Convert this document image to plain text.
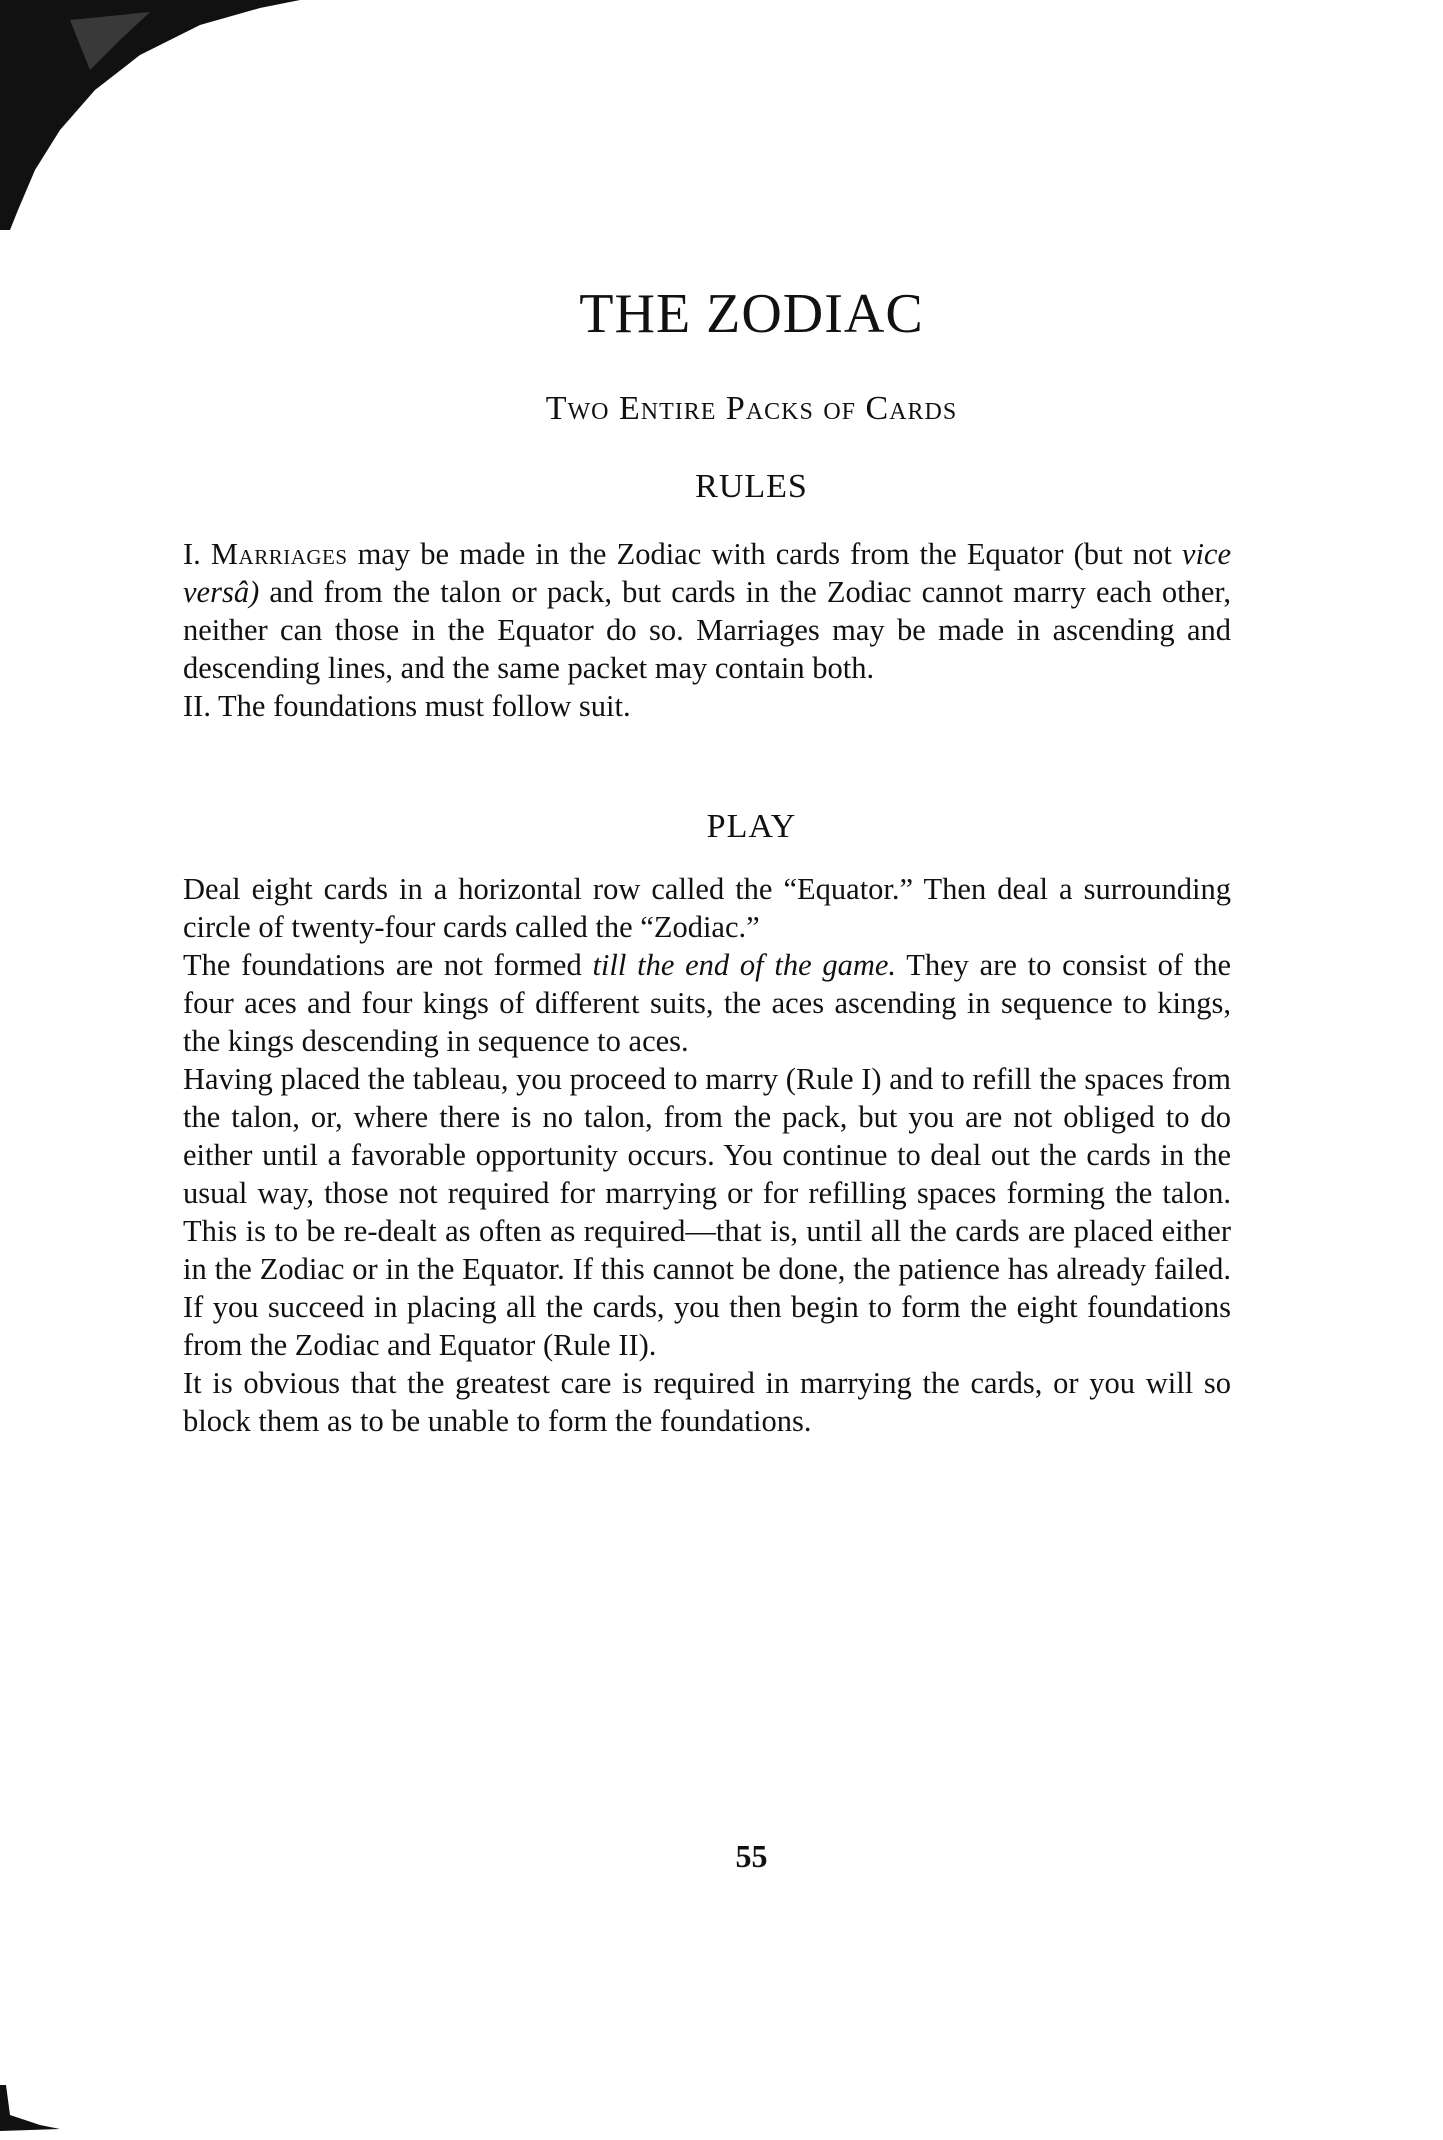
THE ZODIAC
Two Entire Packs of Cards
RULES

I. Marriages may be made in the Zodiac with cards from the Equator (but not vice versâ) and from the talon or pack, but cards in the Zodiac cannot marry each other, neither can those in the Equator do so. Marriages may be made in ascending and descending lines, and the same packet may contain both.

II. The foundations must follow suit.

PLAY

Deal eight cards in a horizontal row called the “Equator.” Then deal a surrounding circle of twenty-four cards called the “Zodiac.”

The foundations are not formed till the end of the game. They are to consist of the four aces and four kings of different suits, the aces ascending in sequence to kings, the kings descending in sequence to aces.

Having placed the tableau, you proceed to marry (Rule I) and to refill the spaces from the talon, or, where there is no talon, from the pack, but you are not obliged to do either until a favorable opportunity occurs. You continue to deal out the cards in the usual way, those not required for marrying or for refilling spaces forming the talon. This is to be re-dealt as often as required—that is, until all the cards are placed either in the Zodiac or in the Equator. If this cannot be done, the patience has already failed. If you succeed in placing all the cards, you then begin to form the eight foundations from the Zodiac and Equator (Rule II).

It is obvious that the greatest care is required in marrying the cards, or you will so block them as to be unable to form the foundations.

55
